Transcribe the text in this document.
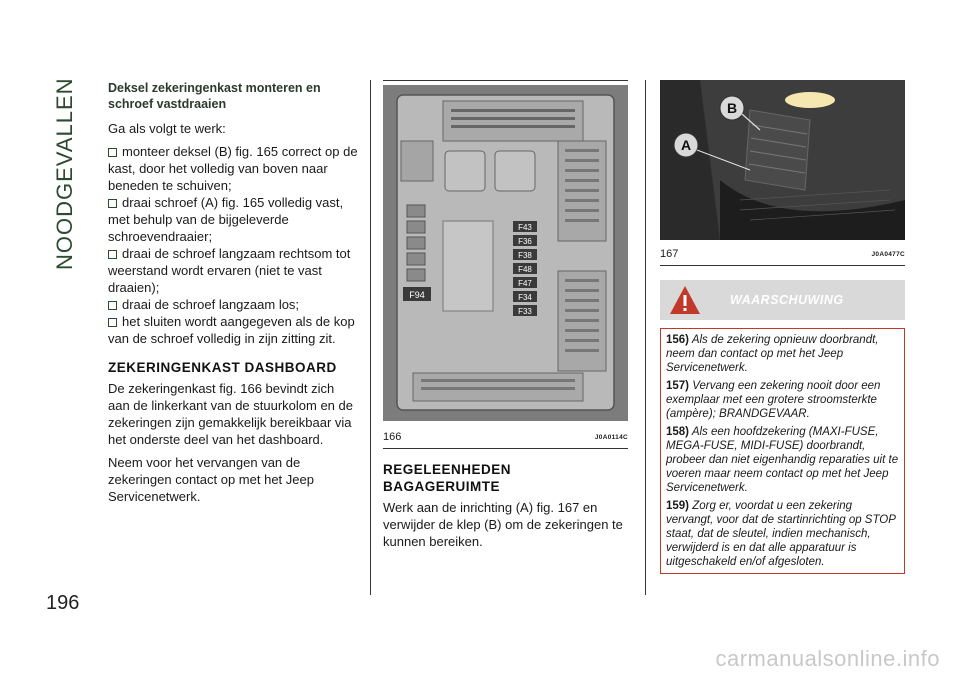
NOODGEVALLEN
196
Deksel zekeringenkast monteren en schroef vastdraaien

Ga als volgt te werk:

monteer deksel (B) fig. 165 correct op de kast, door het volledig van boven naar beneden te schuiven;
draai schroef (A) fig. 165 volledig vast, met behulp van de bijgeleverde schroevendraaier;
draai de schroef langzaam rechtsom tot weerstand wordt ervaren (niet te vast draaien);
draai de schroef langzaam los;
het sluiten wordt aangegeven als de kop van de schroef volledig in zijn zitting zit.
ZEKERINGENKAST DASHBOARD

De zekeringenkast fig. 166 bevindt zich aan de linkerkant van de stuurkolom en de zekeringen zijn gemakkelijk bereikbaar via het onderste deel van het dashboard.

Neem voor het vervangen van de zekeringen contact op met het Jeep Servicenetwerk.

F94
F43
F36
F38
F48
F47
F34
F33
166	J0A0114C
REGELEENHEDEN BAGAGERUIMTE

Werk aan de inrichting (A) fig. 167 en verwijder de klep (B) om de zekeringen te kunnen bereiken.

B
A
167	J0A0477C
WAARSCHUWING

156) Als de zekering opnieuw doorbrandt, neem dan contact op met het Jeep Servicenetwerk.

157) Vervang een zekering nooit door een exemplaar met een grotere stroomsterkte (ampère); BRANDGEVAAR.

158) Als een hoofdzekering (MAXI-FUSE, MEGA-FUSE, MIDI-FUSE) doorbrandt, probeer dan niet eigenhandig reparaties uit te voeren maar neem contact op met het Jeep Servicenetwerk.

159) Zorg er, voordat u een zekering vervangt, voor dat de startinrichting op STOP staat, dat de sleutel, indien mechanisch, verwijderd is en dat alle apparatuur is uitgeschakeld en/of afgesloten.

carmanualsonline.info
